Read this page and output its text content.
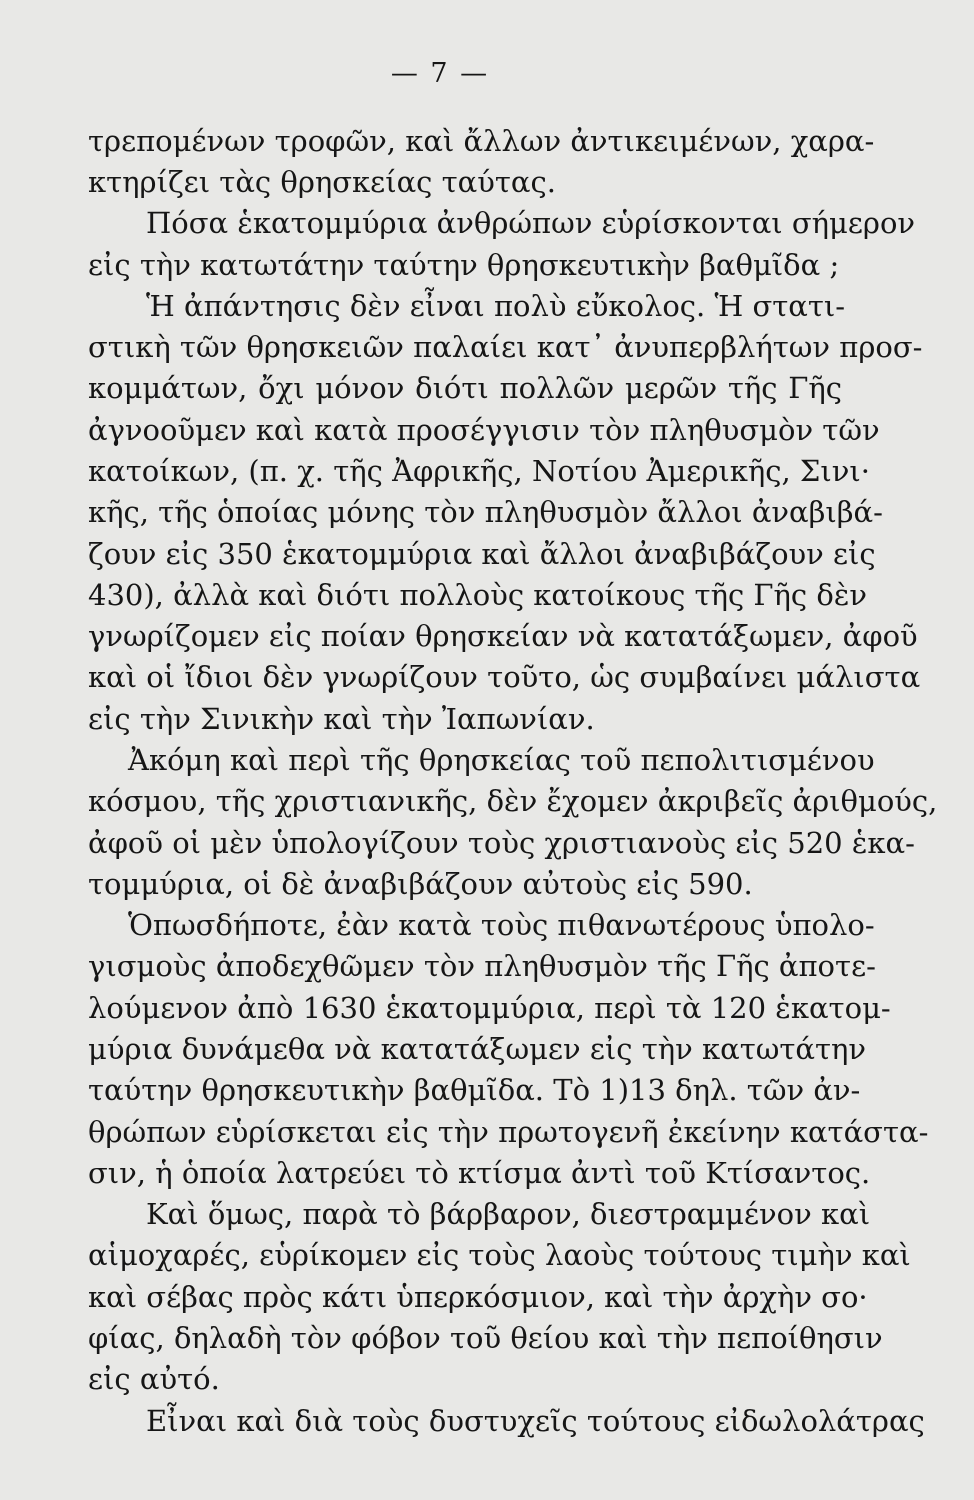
— 7 —
τρεπομένων τροφῶν, καὶ ἄλλων ἀντικειμένων, χαρα-
κτηρίζει τὰς θρησκείας ταύτας.
Πόσα ἑκατομμύρια ἀνθρώπων εὑρίσκονται σήμερον
εἰς τὴν κατωτάτην ταύτην θρησκευτικὴν βαθμῖδα ;
Ἡ ἀπάντησις δὲν εἶναι πολὺ εὔκολος. Ἡ στατι-
στικὴ τῶν θρησκειῶν παλαίει κατ᾽ ἀνυπερβλήτων προσ-
κομμάτων, ὄχι μόνον διότι πολλῶν μερῶν τῆς Γῆς
ἀγνοοῦμεν καὶ κατὰ προσέγγισιν τὸν πληθυσμὸν τῶν
κατοίκων, (π. χ. τῆς Ἀφρικῆς, Νοτίου Ἀμερικῆς, Σινι·
κῆς, τῆς ὁποίας μόνης τὸν πληθυσμὸν ἄλλοι ἀναβιβά-
ζουν εἰς 350 ἑκατομμύρια καὶ ἄλλοι ἀναβιβάζουν εἰς
430), ἀλλὰ καὶ διότι πολλοὺς κατοίκους τῆς Γῆς δὲν
γνωρίζομεν εἰς ποίαν θρησκείαν νὰ κατατάξωμεν, ἀφοῦ
καὶ οἱ ἴδιοι δὲν γνωρίζουν τοῦτο, ὡς συμβαίνει μάλιστα
εἰς τὴν Σινικὴν καὶ τὴν Ἰαπωνίαν.
Ἀκόμη καὶ περὶ τῆς θρησκείας τοῦ πεπολιτισμένου
κόσμου, τῆς χριστιανικῆς, δὲν ἔχομεν ἀκριβεῖς ἀριθμούς,
ἀφοῦ οἱ μὲν ὑπολογίζουν τοὺς χριστιανοὺς εἰς 520 ἑκα-
τομμύρια, οἱ δὲ ἀναβιβάζουν αὐτοὺς εἰς 590.
Ὁπωσδήποτε, ἐὰν κατὰ τοὺς πιθανωτέρους ὑπολο-
γισμοὺς ἀποδεχθῶμεν τὸν πληθυσμὸν τῆς Γῆς ἀποτε-
λούμενον ἀπὸ 1630 ἑκατομμύρια, περὶ τὰ 120 ἑκατομ-
μύρια δυνάμεθα νὰ κατατάξωμεν εἰς τὴν κατωτάτην
ταύτην θρησκευτικὴν βαθμῖδα. Τὸ 1)13 δηλ. τῶν ἀν-
θρώπων εὑρίσκεται εἰς τὴν πρωτογενῆ ἐκείνην κατάστα-
σιν, ἡ ὁποία λατρεύει τὸ κτίσμα ἀντὶ τοῦ Κτίσαντος.
Καὶ ὅμως, παρὰ τὸ βάρβαρον, διεστραμμένον καὶ
αἱμοχαρές, εὑρίκομεν εἰς τοὺς λαοὺς τούτους τιμὴν καὶ
καὶ σέβας πρὸς κάτι ὑπερκόσμιον, καὶ τὴν ἀρχὴν σο·
φίας, δηλαδὴ τὸν φόβον τοῦ θείου καὶ τὴν πεποίθησιν
εἰς αὐτό.
Εἶναι καὶ διὰ τοὺς δυστυχεῖς τούτους εἰδωλολάτρας
